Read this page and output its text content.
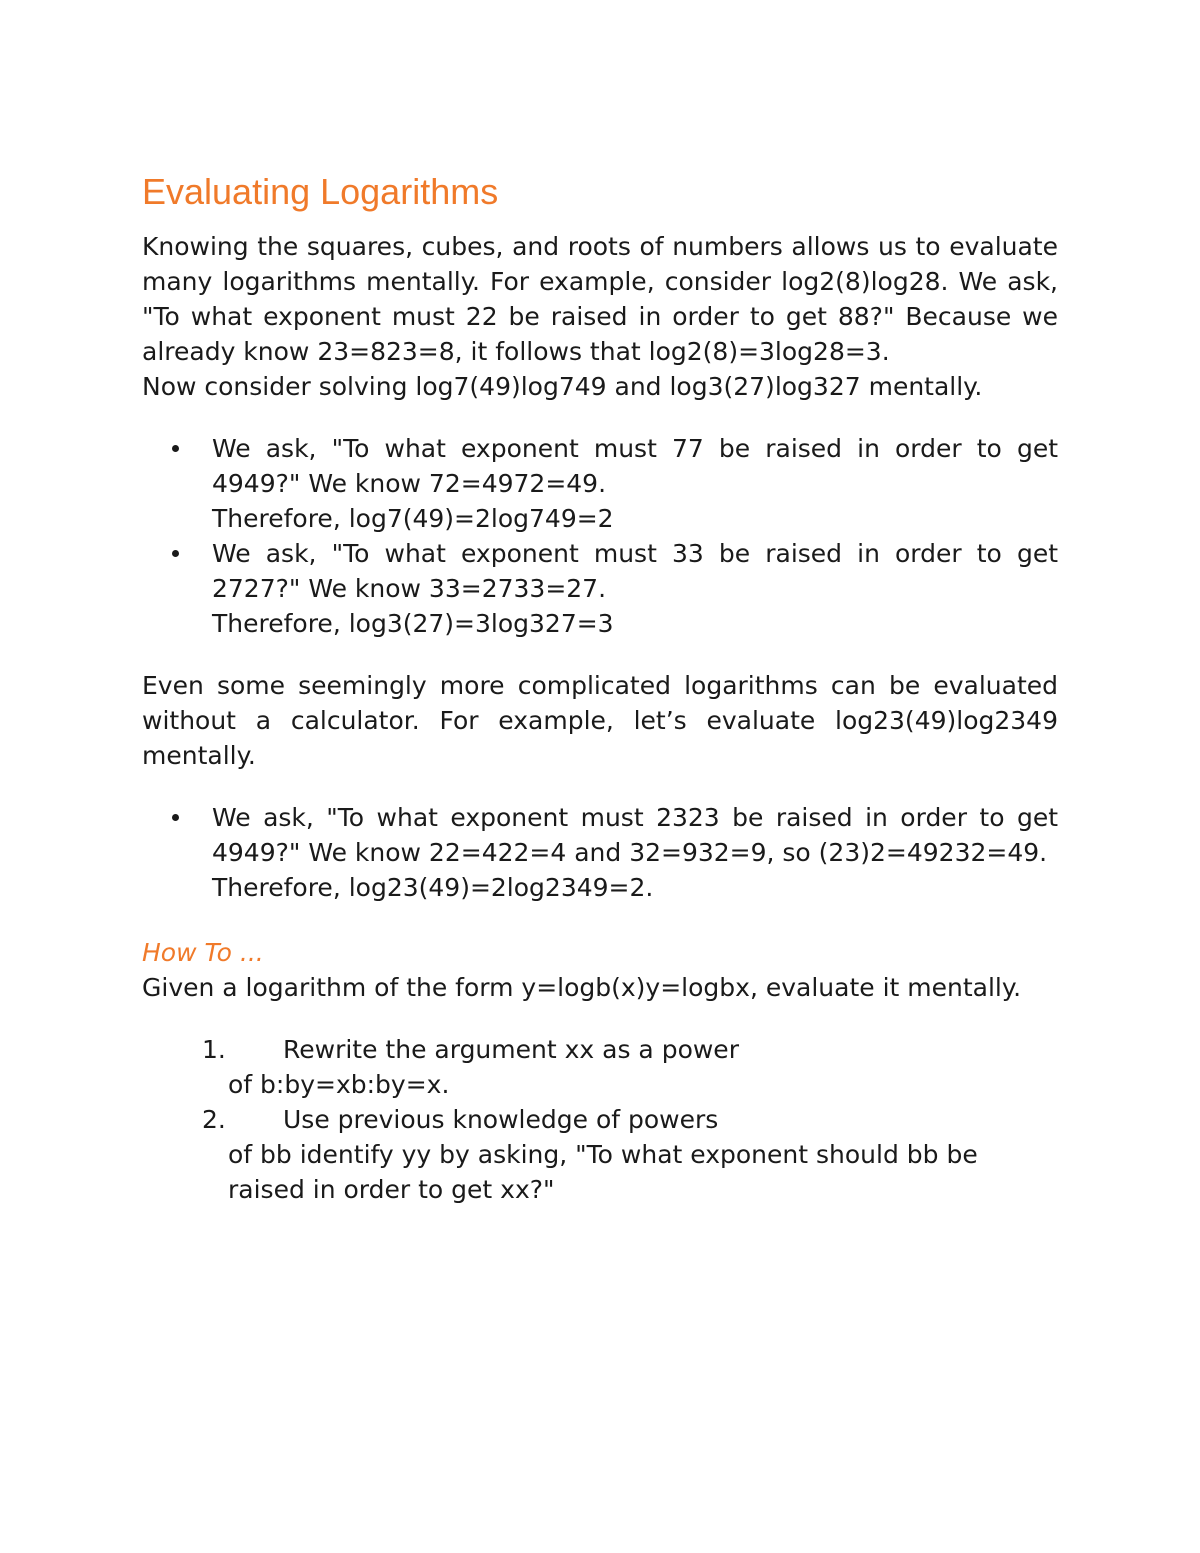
Evaluating Logarithms

Knowing the squares, cubes, and roots of numbers allows us to evaluate many logarithms mentally. For example, consider log2(8)log28. We ask, "To what exponent must 22 be raised in order to get 88?" Because we already know 23=823=8, it follows that log2(8)=3log28=3.

Now consider solving log7(49)log749 and log3(27)log327 mentally.

We ask, "To what exponent must 77 be raised in order to get 4949?" We know 72=4972=49.
Therefore, log7(49)=2log749=2
We ask, "To what exponent must 33 be raised in order to get 2727?" We know 33=2733=27.
Therefore, log3(27)=3log327=3

Even some seemingly more complicated logarithms can be evaluated without a calculator. For example, let’s evaluate log23(49)log2349 mentally.

We ask, "To what exponent must 2323 be raised in order to get 4949?" We know 22=422=4 and 32=932=9, so (23)2=49232=49.
Therefore, log23(49)=2log2349=2.
How To ...

Given a logarithm of the form y=logb(x)y=logbx, evaluate it mentally.

1.	Rewrite the argument xx as a power
of b:by=xb:by=x.
2.	Use previous knowledge of powers
of bb identify yy by asking, "To what exponent should bb be raised in order to get xx?"
